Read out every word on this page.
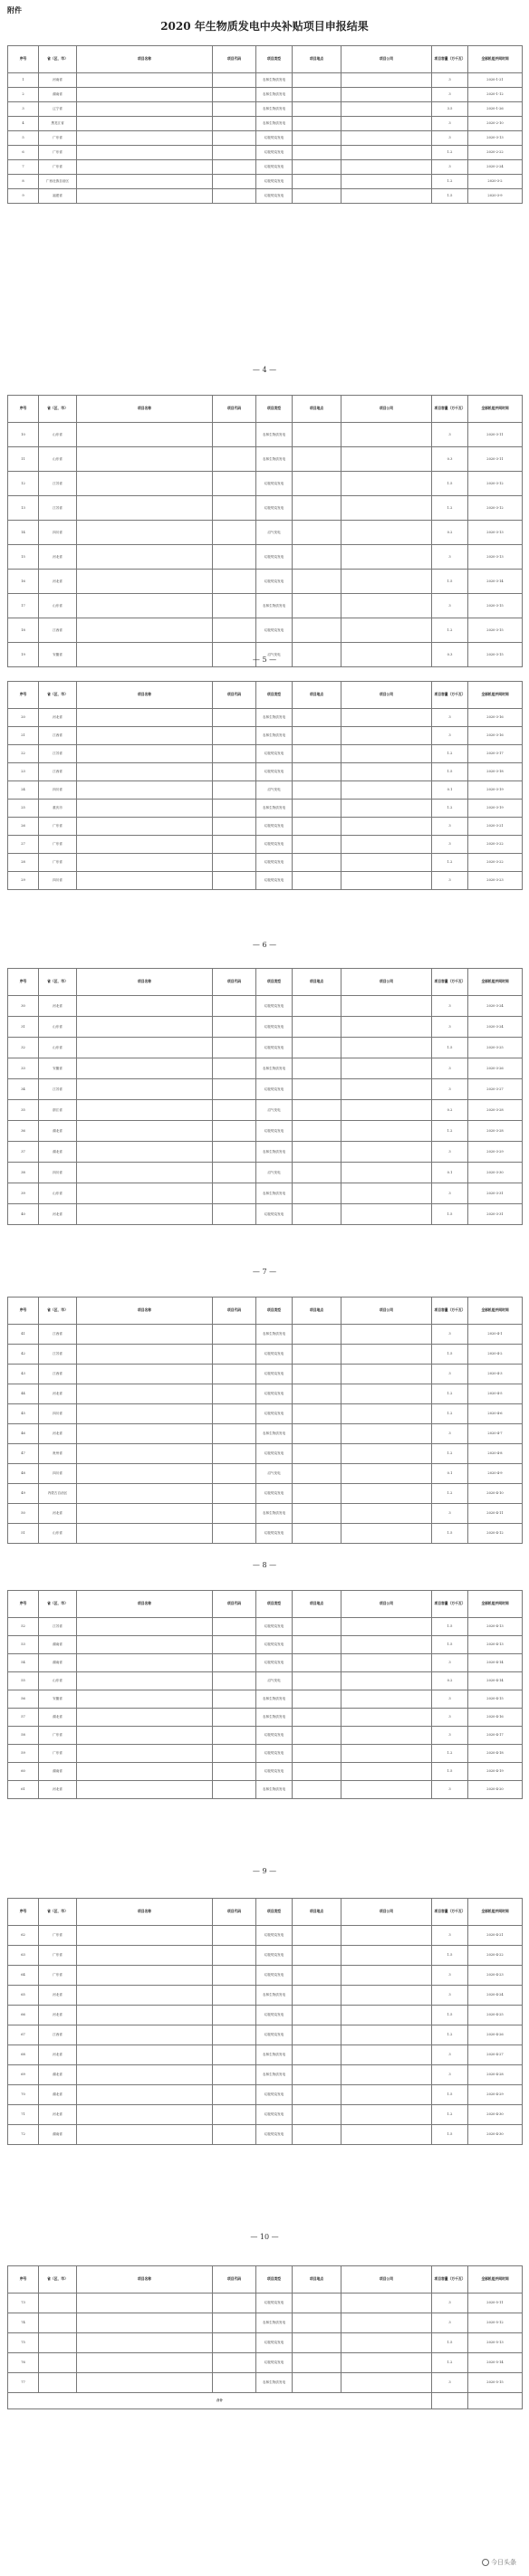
附件
2020 年生物质发电中央补贴项目申报结果
序号	省（区、市）	项目名称	项目代码	项目类型	项目地点	项目公司	项目容量（万千瓦）	全部机组并网时间
1	河南省			农林生物质发电			3	2020-1-21
2	湖南省			农林生物质发电			3	2020-1-12
3	辽宁省			农林生物质发电			3.5	2020-1-26
4	黑龙江省			农林生物质发电			3	2020-2-10
5	广东省			垃圾焚烧发电			3	2020-3-13
6	广东省			垃圾焚烧发电			1.2	2020-2-22
7	广东省			垃圾焚烧发电			3	2020-2-24
8	广西壮族自治区			垃圾焚烧发电			1.2	2020-3-2
9	福建省			垃圾焚烧发电			1.5	2020-3-9
— 4 —
序号	省（区、市）	项目名称	项目代码	项目类型	项目地点	项目公司	项目容量（万千瓦）	全部机组并网时间
10	山东省			农林生物质发电			3	2020-3-11
11	山东省			农林生物质发电			0.3	2020-3-11
12	江苏省			垃圾焚烧发电			1.5	2020-3-12
13	江苏省			垃圾焚烧发电			1.2	2020-3-12
14	四川省			沼气发电			0.2	2020-3-13
15	河北省			垃圾焚烧发电			3	2020-3-13
16	河北省			垃圾焚烧发电			1.5	2020-3-14
17	山东省			农林生物质发电			3	2020-3-15
18	江西省			垃圾焚烧发电			1.2	2020-3-15
19	安徽省			沼气发电			0.3	2020-3-15
— 5 —
序号	省（区、市）	项目名称	项目代码	项目类型	项目地点	项目公司	项目容量（万千瓦）	全部机组并网时间
20	河北省			农林生物质发电			3	2020-3-16
21	江西省			农林生物质发电			3	2020-3-16
22	江苏省			垃圾焚烧发电			1.2	2020-3-17
23	江西省			垃圾焚烧发电			1.5	2020-3-18
24	四川省			沼气发电			0.1	2020-3-19
25	重庆市			农林生物质发电			1.2	2020-3-19
26	广东省			垃圾焚烧发电			3	2020-3-21
27	广东省			垃圾焚烧发电			3	2020-3-22
28	广东省			垃圾焚烧发电			1.2	2020-3-22
29	四川省			垃圾焚烧发电			3	2020-3-23
— 6 —
序号	省（区、市）	项目名称	项目代码	项目类型	项目地点	项目公司	项目容量（万千瓦）	全部机组并网时间
30	河北省			垃圾焚烧发电			3	2020-3-24
31	山东省			垃圾焚烧发电			3	2020-3-24
32	山东省			垃圾焚烧发电			1.5	2020-3-25
33	安徽省			农林生物质发电			3	2020-3-26
34	江苏省			垃圾焚烧发电			3	2020-3-27
35	浙江省			沼气发电			0.2	2020-3-28
36	湖北省			垃圾焚烧发电			1.2	2020-3-28
37	湖北省			农林生物质发电			3	2020-3-29
38	四川省			沼气发电			0.1	2020-3-30
39	山东省			农林生物质发电			3	2020-3-31
40	河北省			垃圾焚烧发电			1.5	2020-3-31
— 7 —
序号	省（区、市）	项目名称	项目代码	项目类型	项目地点	项目公司	项目容量（万千瓦）	全部机组并网时间
41	江西省			农林生物质发电			3	2020-4-1
42	江苏省			垃圾焚烧发电			1.5	2020-4-2
43	江西省			垃圾焚烧发电			3	2020-4-3
44	河北省			垃圾焚烧发电			1.2	2020-4-5
45	四川省			垃圾焚烧发电			1.2	2020-4-6
46	河北省			农林生物质发电			3	2020-4-7
47	贵州省			垃圾焚烧发电			1.2	2020-4-8
48	四川省			沼气发电			0.1	2020-4-9
49	内蒙古自治区			垃圾焚烧发电			1.2	2020-4-10
50	河北省			农林生物质发电			3	2020-4-11
51	山东省			垃圾焚烧发电			1.5	2020-4-12
— 8 —
序号	省（区、市）	项目名称	项目代码	项目类型	项目地点	项目公司	项目容量（万千瓦）	全部机组并网时间
52	江苏省			垃圾焚烧发电			1.5	2020-4-13
53	湖南省			垃圾焚烧发电			1.5	2020-4-13
54	湖南省			垃圾焚烧发电			3	2020-4-14
55	山东省			沼气发电			0.2	2020-4-14
56	安徽省			农林生物质发电			3	2020-4-15
57	湖北省			农林生物质发电			3	2020-4-16
58	广东省			垃圾焚烧发电			3	2020-4-17
59	广东省			垃圾焚烧发电			1.2	2020-4-18
60	湖南省			垃圾焚烧发电			1.5	2020-4-19
61	河北省			农林生物质发电			3	2020-4-20
— 9 —
序号	省（区、市）	项目名称	项目代码	项目类型	项目地点	项目公司	项目容量（万千瓦）	全部机组并网时间
62	广东省			垃圾焚烧发电			3	2020-4-21
63	广东省			垃圾焚烧发电			1.5	2020-4-22
64	广东省			垃圾焚烧发电			3	2020-4-23
65	河北省			农林生物质发电			3	2020-4-24
66	河北省			垃圾焚烧发电			1.5	2020-4-25
67	江西省			垃圾焚烧发电			1.2	2020-4-26
68	河北省			农林生物质发电			3	2020-4-27
69	湖北省			农林生物质发电			3	2020-4-28
70	湖北省			垃圾焚烧发电			1.5	2020-4-29
71	河北省			垃圾焚烧发电			1.2	2020-4-30
72	湖南省			垃圾焚烧发电			1.5	2020-4-30
— 10 —
序号	省（区、市）	项目名称	项目代码	项目类型	项目地点	项目公司	项目容量（万千瓦）	全部机组并网时间
73				垃圾焚烧发电			3	2020-5-11
74				农林生物质发电			3	2020-5-12
75				垃圾焚烧发电			1.5	2020-5-13
76				垃圾焚烧发电			1.2	2020-5-14
77				农林生物质发电			3	2020-5-15
合计								
今日头条
